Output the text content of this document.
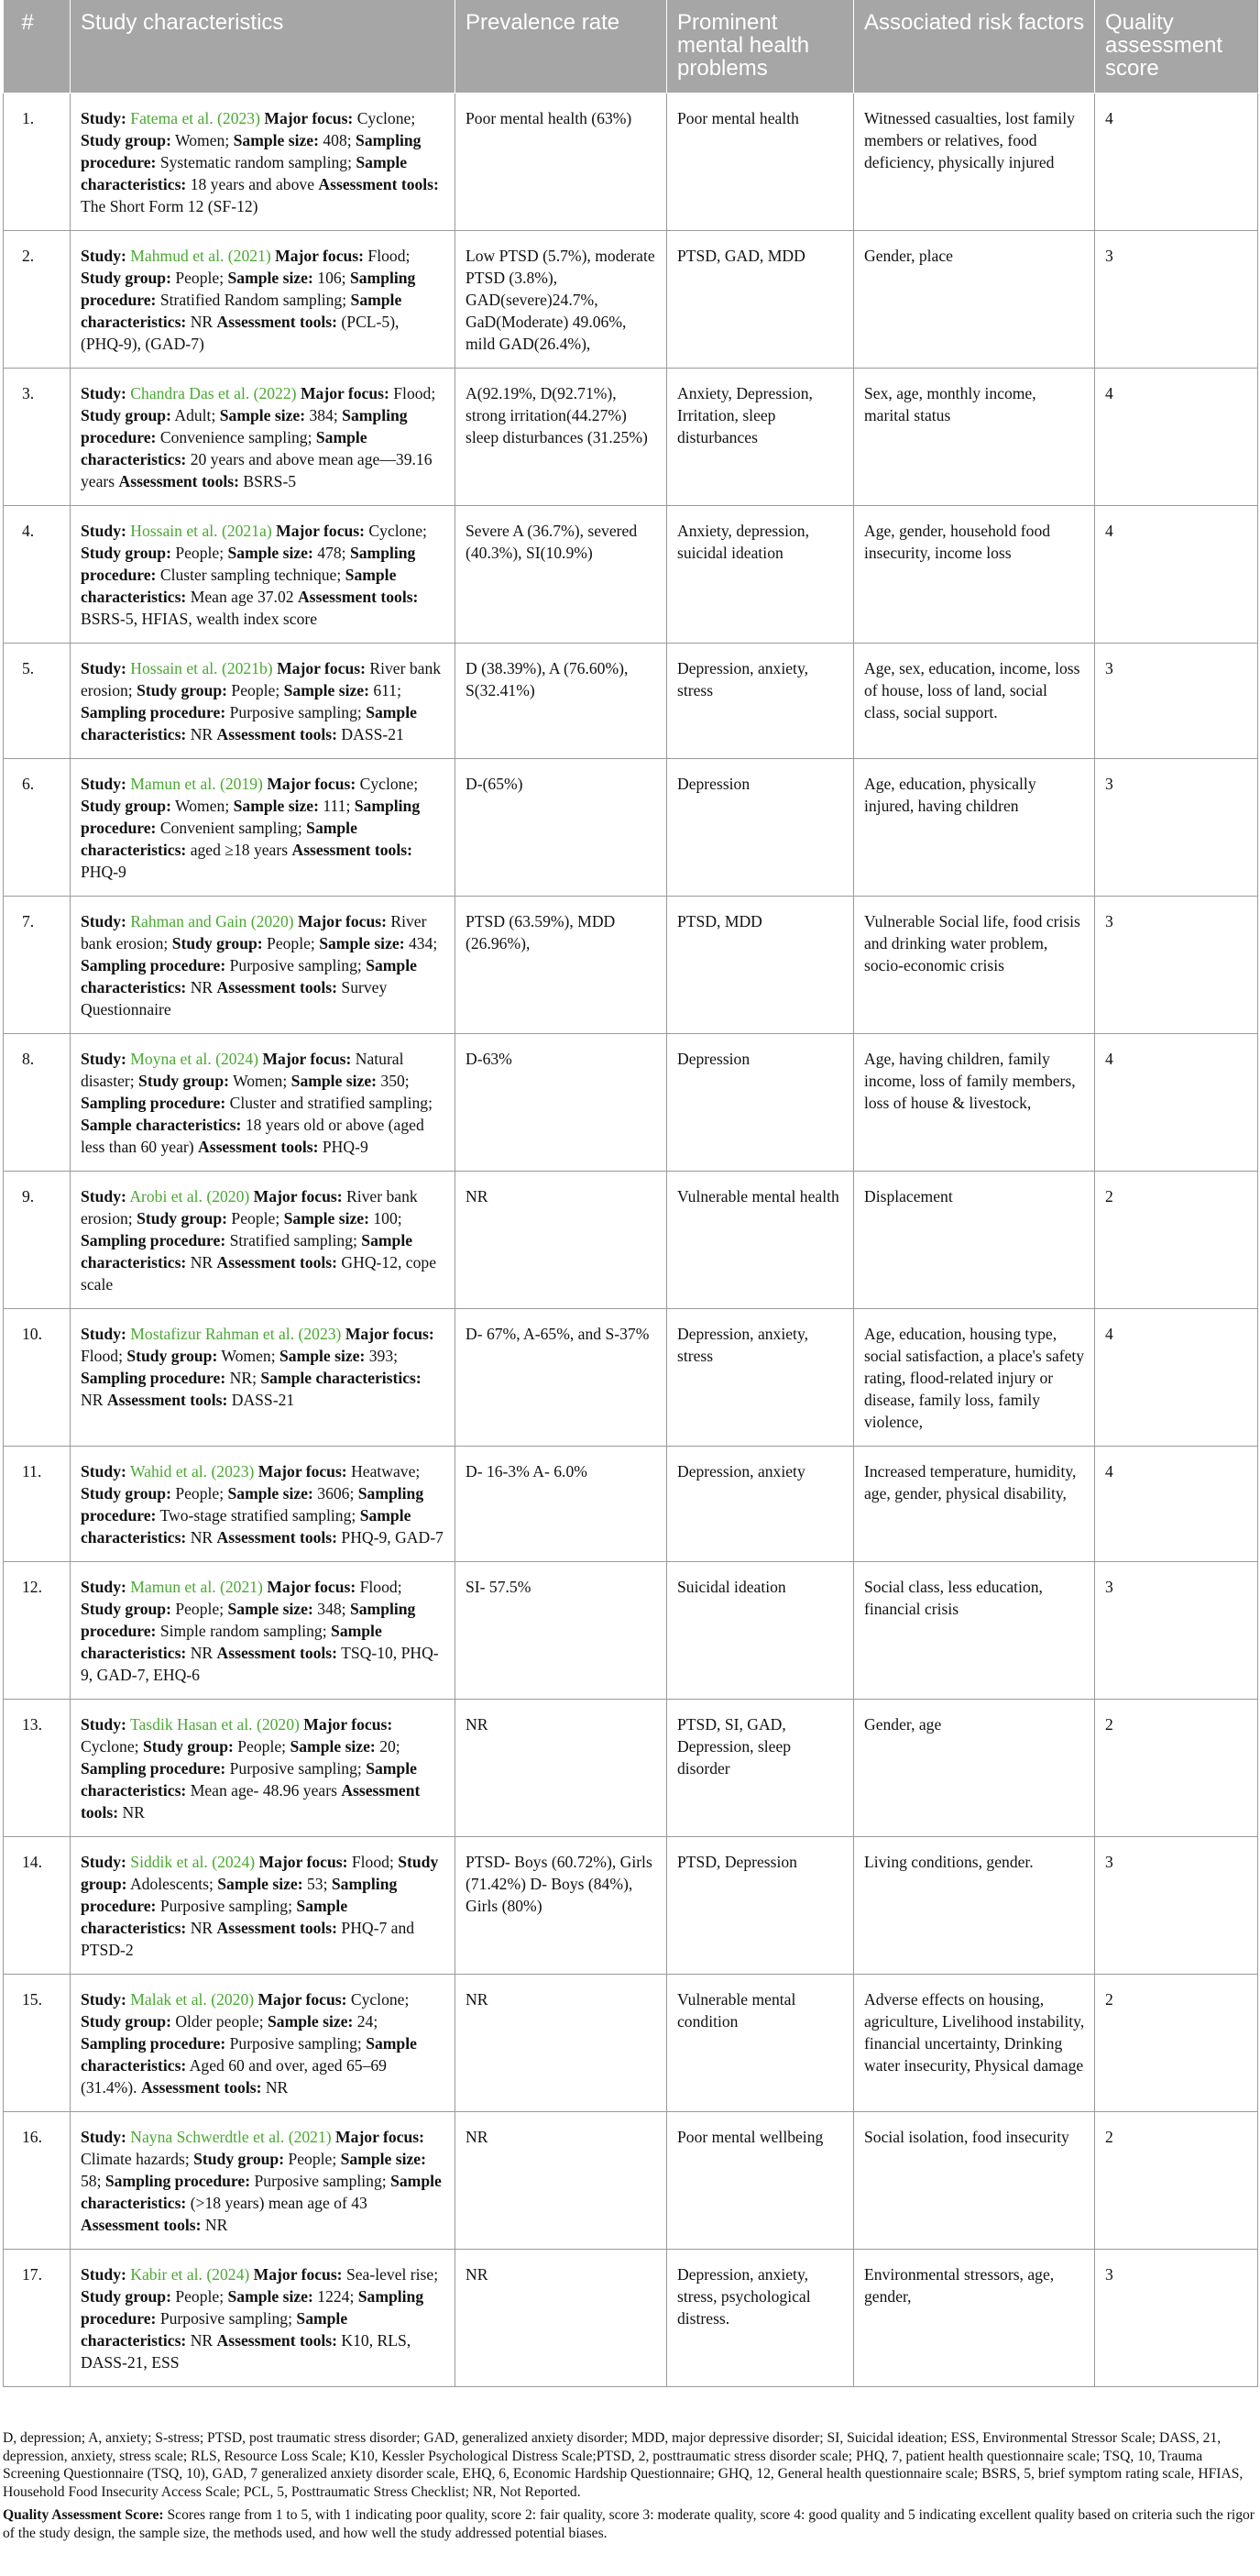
#	Study characteristics	Prevalence rate	Prominent mental health problems	Associated risk factors	Quality assessment score
1.	Study: Fatema et al. (2023) Major focus: Cyclone; Study group: Women; Sample size: 408; Sampling procedure: Systematic random sampling; Sample characteristics: 18 years and above Assessment tools: The Short Form 12 (SF-12)	Poor mental health (63%)	Poor mental health	Witnessed casualties, lost family members or relatives, food deficiency, physically injured	4
2.	Study: Mahmud et al. (2021) Major focus: Flood; Study group: People; Sample size: 106; Sampling procedure: Stratified Random sampling; Sample characteristics: NR Assessment tools: (PCL-5), (PHQ-9), (GAD-7)	Low PTSD (5.7%), moderate PTSD (3.8%), GAD(severe)24.7%, GaD(Moderate) 49.06%, mild GAD(26.4%),	PTSD, GAD, MDD	Gender, place	3
3.	Study: Chandra Das et al. (2022) Major focus: Flood; Study group: Adult; Sample size: 384; Sampling procedure: Convenience sampling; Sample characteristics: 20 years and above mean age—39.16 years Assessment tools: BSRS-5	A(92.19%, D(92.71%), strong irritation(44.27%) sleep disturbances (31.25%)	Anxiety, Depression, Irritation, sleep disturbances	Sex, age, monthly income, marital status	4
4.	Study: Hossain et al. (2021a) Major focus: Cyclone; Study group: People; Sample size: 478; Sampling procedure: Cluster sampling technique; Sample characteristics: Mean age 37.02 Assessment tools: BSRS-5, HFIAS, wealth index score	Severe A (36.7%), severed (40.3%), SI(10.9%)	Anxiety, depression, suicidal ideation	Age, gender, household food insecurity, income loss	4
5.	Study: Hossain et al. (2021b) Major focus: River bank erosion; Study group: People; Sample size: 611; Sampling procedure: Purposive sampling; Sample characteristics: NR Assessment tools: DASS-21	D (38.39%), A (76.60%), S(32.41%)	Depression, anxiety, stress	Age, sex, education, income, loss of house, loss of land, social class, social support.	3
6.	Study: Mamun et al. (2019) Major focus: Cyclone; Study group: Women; Sample size: 111; Sampling procedure: Convenient sampling; Sample characteristics: aged ≥18 years Assessment tools: PHQ-9	D-(65%)	Depression	Age, education, physically injured, having children	3
7.	Study: Rahman and Gain (2020) Major focus: River bank erosion; Study group: People; Sample size: 434; Sampling procedure: Purposive sampling; Sample characteristics: NR Assessment tools: Survey Questionnaire	PTSD (63.59%), MDD (26.96%),	PTSD, MDD	Vulnerable Social life, food crisis and drinking water problem, socio-economic crisis	3
8.	Study: Moyna et al. (2024) Major focus: Natural disaster; Study group: Women; Sample size: 350; Sampling procedure: Cluster and stratified sampling; Sample characteristics: 18 years old or above (aged less than 60 year) Assessment tools: PHQ-9	D-63%	Depression	Age, having children, family income, loss of family members, loss of house & livestock,	4
9.	Study: Arobi et al. (2020) Major focus: River bank erosion; Study group: People; Sample size: 100; Sampling procedure: Stratified sampling; Sample characteristics: NR Assessment tools: GHQ-12, cope scale	NR	Vulnerable mental health	Displacement	2
10.	Study: Mostafizur Rahman et al. (2023) Major focus: Flood; Study group: Women; Sample size: 393; Sampling procedure: NR; Sample characteristics: NR Assessment tools: DASS-21	D- 67%, A-65%, and S-37%	Depression, anxiety, stress	Age, education, housing type, social satisfaction, a place's safety rating, flood-related injury or disease, family loss, family violence,	4
11.	Study: Wahid et al. (2023) Major focus: Heatwave; Study group: People; Sample size: 3606; Sampling procedure: Two-stage stratified sampling; Sample characteristics: NR Assessment tools: PHQ-9, GAD-7	D- 16-3% A- 6.0%	Depression, anxiety	Increased temperature, humidity, age, gender, physical disability,	4
12.	Study: Mamun et al. (2021) Major focus: Flood; Study group: People; Sample size: 348; Sampling procedure: Simple random sampling; Sample characteristics: NR Assessment tools: TSQ-10, PHQ-9, GAD-7, EHQ-6	SI- 57.5%	Suicidal ideation	Social class, less education, financial crisis	3
13.	Study: Tasdik Hasan et al. (2020) Major focus: Cyclone; Study group: People; Sample size: 20; Sampling procedure: Purposive sampling; Sample characteristics: Mean age- 48.96 years Assessment tools: NR	NR	PTSD, SI, GAD, Depression, sleep disorder	Gender, age	2
14.	Study: Siddik et al. (2024) Major focus: Flood; Study group: Adolescents; Sample size: 53; Sampling procedure: Purposive sampling; Sample characteristics: NR Assessment tools: PHQ-7 and PTSD-2	PTSD- Boys (60.72%), Girls (71.42%) D- Boys (84%), Girls (80%)	PTSD, Depression	Living conditions, gender.	3
15.	Study: Malak et al. (2020) Major focus: Cyclone; Study group: Older people; Sample size: 24; Sampling procedure: Purposive sampling; Sample characteristics: Aged 60 and over, aged 65–69 (31.4%). Assessment tools: NR	NR	Vulnerable mental condition	Adverse effects on housing, agriculture, Livelihood instability, financial uncertainty, Drinking water insecurity, Physical damage	2
16.	Study: Nayna Schwerdtle et al. (2021) Major focus: Climate hazards; Study group: People; Sample size: 58; Sampling procedure: Purposive sampling; Sample characteristics: (>18 years) mean age of 43 Assessment tools: NR	NR	Poor mental wellbeing	Social isolation, food insecurity	2
17.	Study: Kabir et al. (2024) Major focus: Sea-level rise; Study group: People; Sample size: 1224; Sampling procedure: Purposive sampling; Sample characteristics: NR Assessment tools: K10, RLS, DASS-21, ESS	NR	Depression, anxiety, stress, psychological distress.	Environmental stressors, age, gender,	3

D, depression; A, anxiety; S-stress; PTSD, post traumatic stress disorder; GAD, generalized anxiety disorder; MDD, major depressive disorder; SI, Suicidal ideation; ESS, Environmental Stressor Scale; DASS, 21, depression, anxiety, stress scale; RLS, Resource Loss Scale; K10, Kessler Psychological Distress Scale;PTSD, 2, posttraumatic stress disorder scale; PHQ, 7, patient health questionnaire scale; TSQ, 10, Trauma Screening Questionnaire (TSQ, 10), GAD, 7 generalized anxiety disorder scale, EHQ, 6, Economic Hardship Questionnaire; GHQ, 12, General health questionnaire scale; BSRS, 5, brief symptom rating scale, HFIAS, Household Food Insecurity Access Scale; PCL, 5, Posttraumatic Stress Checklist; NR, Not Reported.

Quality Assessment Score: Scores range from 1 to 5, with 1 indicating poor quality, score 2: fair quality, score 3: moderate quality, score 4: good quality and 5 indicating excellent quality based on criteria such the rigor of the study design, the sample size, the methods used, and how well the study addressed potential biases.
